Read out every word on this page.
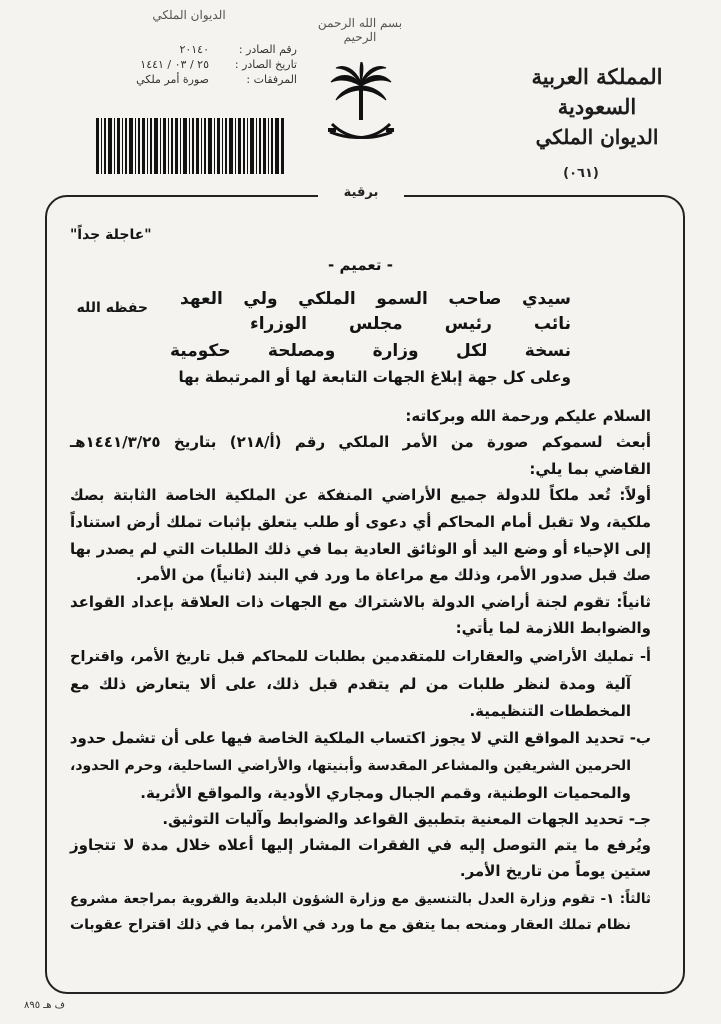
الديوان الملكي
بسم الله الرحمن الرحيم
رقم الصادر :
٢٠١٤٠
تاريخ الصادر :
٢٥ / ٠٣ / ١٤٤١
المرفقات :
صورة أمر ملكي	المملكة العربية السعودية
الديوان الملكي
(٠٦١)
برقية
"عاجلة جداً"
- تعميم -
سيدي صاحب السمو الملكي ولي العهد
نائب رئيس مجلس الوزراء
نسخة لكل وزارة ومصلحة حكومية
وعلى كل جهة إبلاغ الجهات التابعة لها أو المرتبطة بها
حفظه الله
السلام عليكم ورحمة الله وبركاته:
أبعث لسموكم صورة من الأمر الملكي رقم (أ/٢١٨) بتاريخ ١٤٤١/٣/٢٥هـ
القاضي بما يلي:
أولاً: تُعد ملكاً للدولة جميع الأراضي المنفكة عن الملكية الخاصة الثابتة بصك
ملكية، ولا تقبل أمام المحاكم أي دعوى أو طلب يتعلق بإثبات تملك أرض استناداً
إلى الإحياء أو وضع اليد أو الوثائق العادية بما في ذلك الطلبات التي لم يصدر بها
صك قبل صدور الأمر، وذلك مع مراعاة ما ورد في البند (ثانياً) من الأمر.
ثانياً: تقوم لجنة أراضي الدولة بالاشتراك مع الجهات ذات العلاقة بإعداد القواعد
والضوابط اللازمة لما يأتي:
أ- تمليك الأراضي والعقارات للمتقدمين بطلبات للمحاكم قبل تاريخ الأمر، واقتراح
آلية ومدة لنظر طلبات من لم يتقدم قبل ذلك، على ألا يتعارض ذلك مع
المخططات التنظيمية.
ب- تحديد المواقع التي لا يجوز اكتساب الملكية الخاصة فيها على أن تشمل حدود
الحرمين الشريفين والمشاعر المقدسة وأبنيتها، والأراضي الساحلية، وحرم الحدود،
والمحميات الوطنية، وقمم الجبال ومجاري الأودية، والمواقع الأثرية.
جـ- تحديد الجهات المعنية بتطبيق القواعد والضوابط وآليات التوثيق.
ويُرفع ما يتم التوصل إليه في الفقرات المشار إليها أعلاه خلال مدة لا تتجاوز
ستين يوماً من تاريخ الأمر.
ثالثاً: ١- تقوم وزارة العدل بالتنسيق مع وزارة الشؤون البلدية والقروية بمراجعة مشروع
نظام تملك العقار ومنحه بما يتفق مع ما ورد في الأمر، بما في ذلك اقتراح عقوبات
ف هـ ٨٩٥
